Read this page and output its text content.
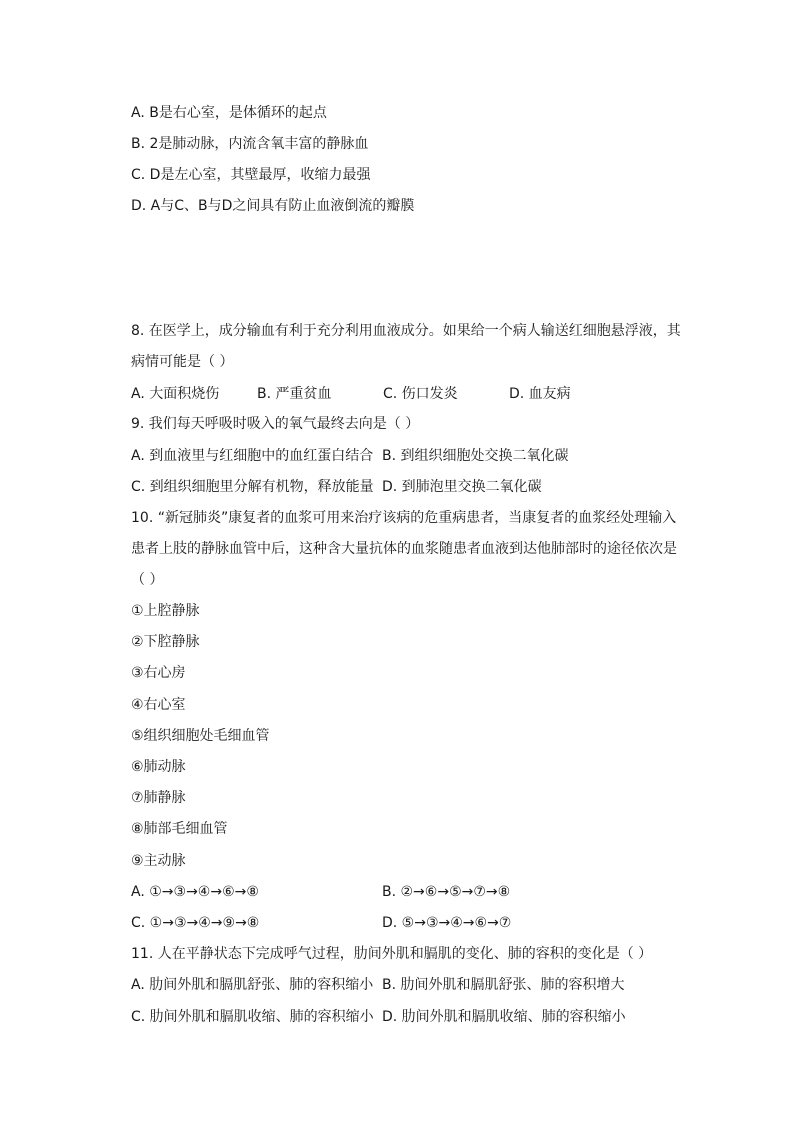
A. B是右心室，是体循环的起点
B. 2是肺动脉，内流含氧丰富的静脉血
C. D是左心室，其壁最厚，收缩力最强
D. A与C、B与D之间具有防止血液倒流的瓣膜
8. 在医学上，成分输血有利于充分利用血液成分。如果给一个病人输送红细胞悬浮液，其
病情可能是（ ）
A. 大面积烧伤	B. 严重贫血	C. 伤口发炎	D. 血友病
9. 我们每天呼吸时吸入的氧气最终去向是（ ）
A. 到血液里与红细胞中的血红蛋白结合 B. 到组织细胞处交换二氧化碳
C. 到组织细胞里分解有机物，释放能量 D. 到肺泡里交换二氧化碳
10. “新冠肺炎”康复者的血浆可用来治疗该病的危重病患者，当康复者的血浆经处理输入
患者上肢的静脉血管中后，这种含大量抗体的血浆随患者血液到达他肺部时的途径依次是
（ ）
①上腔静脉
②下腔静脉
③右心房
④右心室
⑤组织细胞处毛细血管
⑥肺动脉
⑦肺静脉
⑧肺部毛细血管
⑨主动脉
A. ①→③→④→⑥→⑧	B. ②→⑥→⑤→⑦→⑧
C. ①→③→④→⑨→⑧	D. ⑤→③→④→⑥→⑦
11. 人在平静状态下完成呼气过程，肋间外肌和膈肌的变化、肺的容积的变化是（ ）
A. 肋间外肌和膈肌舒张、肺的容积缩小 B. 肋间外肌和膈肌舒张、肺的容积增大
C. 肋间外肌和膈肌收缩、肺的容积缩小 D. 肋间外肌和膈肌收缩、肺的容积缩小
